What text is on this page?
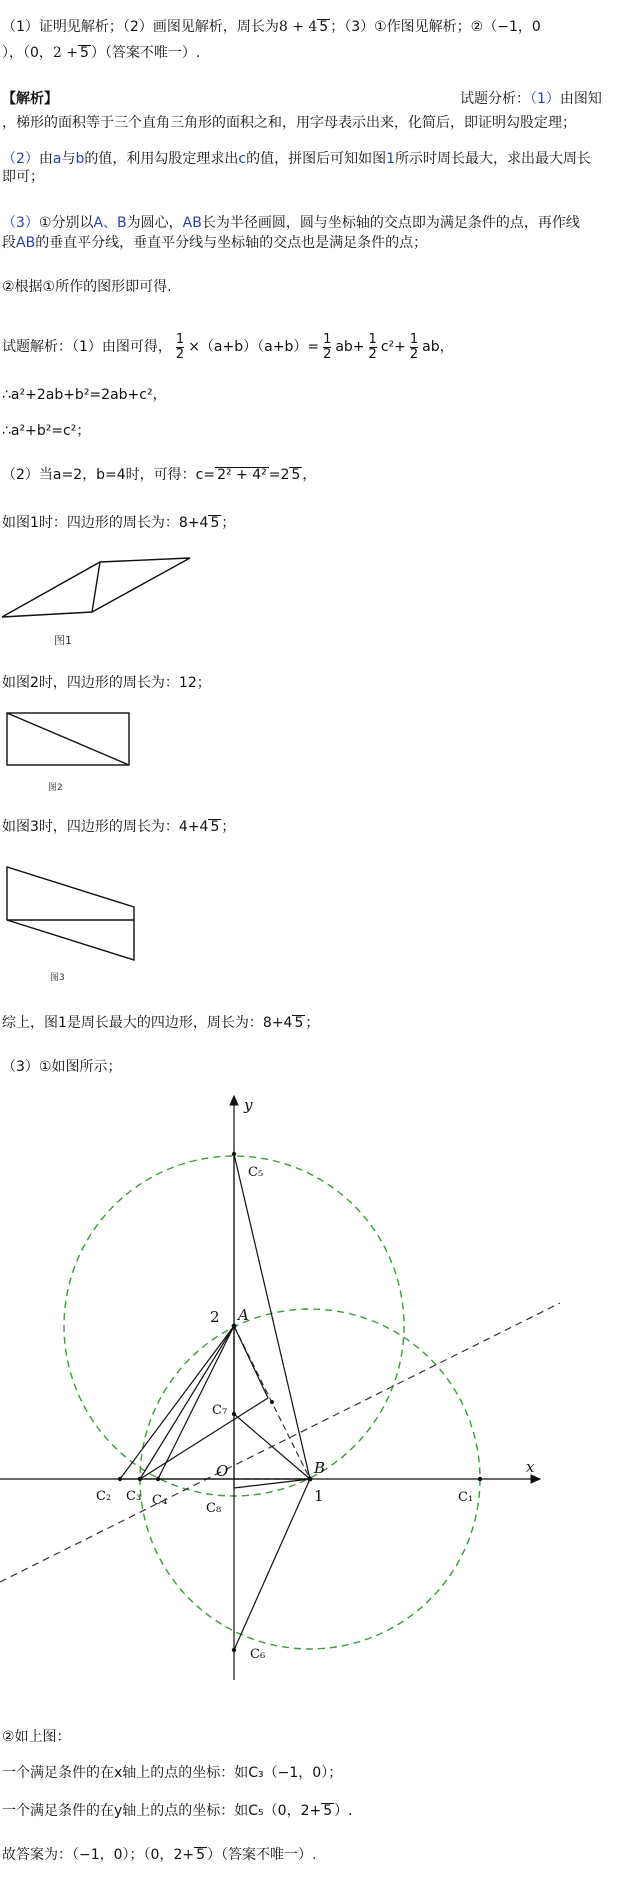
（1）证明见解析；（2）画图见解析，周长为8 + 4 5 ；（3）①作图见解析；②（−1，0
），（0，2 + 5 ）（答案不唯一）.
【解析】	试题分析：（1）由图知
，梯形的面积等于三个直角三角形的面积之和，用字母表示出来，化简后，即证明勾股定理；
（2）由a与b的值，利用勾股定理求出c的值，拼图后可知如图1所示时周长最大，求出最大周长
即可；
（3）①分别以A、B为圆心，AB长为半径画圆，圆与坐标轴的交点即为满足条件的点，再作线
段AB的垂直平分线，垂直平分线与坐标轴的交点也是满足条件的点；
②根据①所作的图形即可得.
试题解析：（1）由图可得， $\frac{1}{2} \times(a+b)(a+b)= \frac{1}{2} ab+ \frac{1}{2} c^2+ \frac{1}{2}$ ab，
∴a²+2ab+b²=2ab+c²，
∴a²+b²=c²；
（2）当a=2，b=4时，可得：c= 2² + 4² =2 5 ，
如图1时：四边形的周长为：8+4 5 ；
图1
如图2时，四边形的周长为：12；
图2
如图3时，四边形的周长为：4+4 5 ；
图3
综上，图1是周长最大的四边形，周长为：8+4 5 ；
（3）①如图所示；
y
x
O
A
B
2
1	C₁
C₂ C₃ C₄
C₅
C₆
C₇
C₈
②如上图：
一个满足条件的在x轴上的点的坐标：如C₃（−1，0）；
一个满足条件的在y轴上的点的坐标：如C₅（0，2+ 5 ）.
故答案为：（−1，0）；（0，2+ 5 ）（答案不唯一）.
